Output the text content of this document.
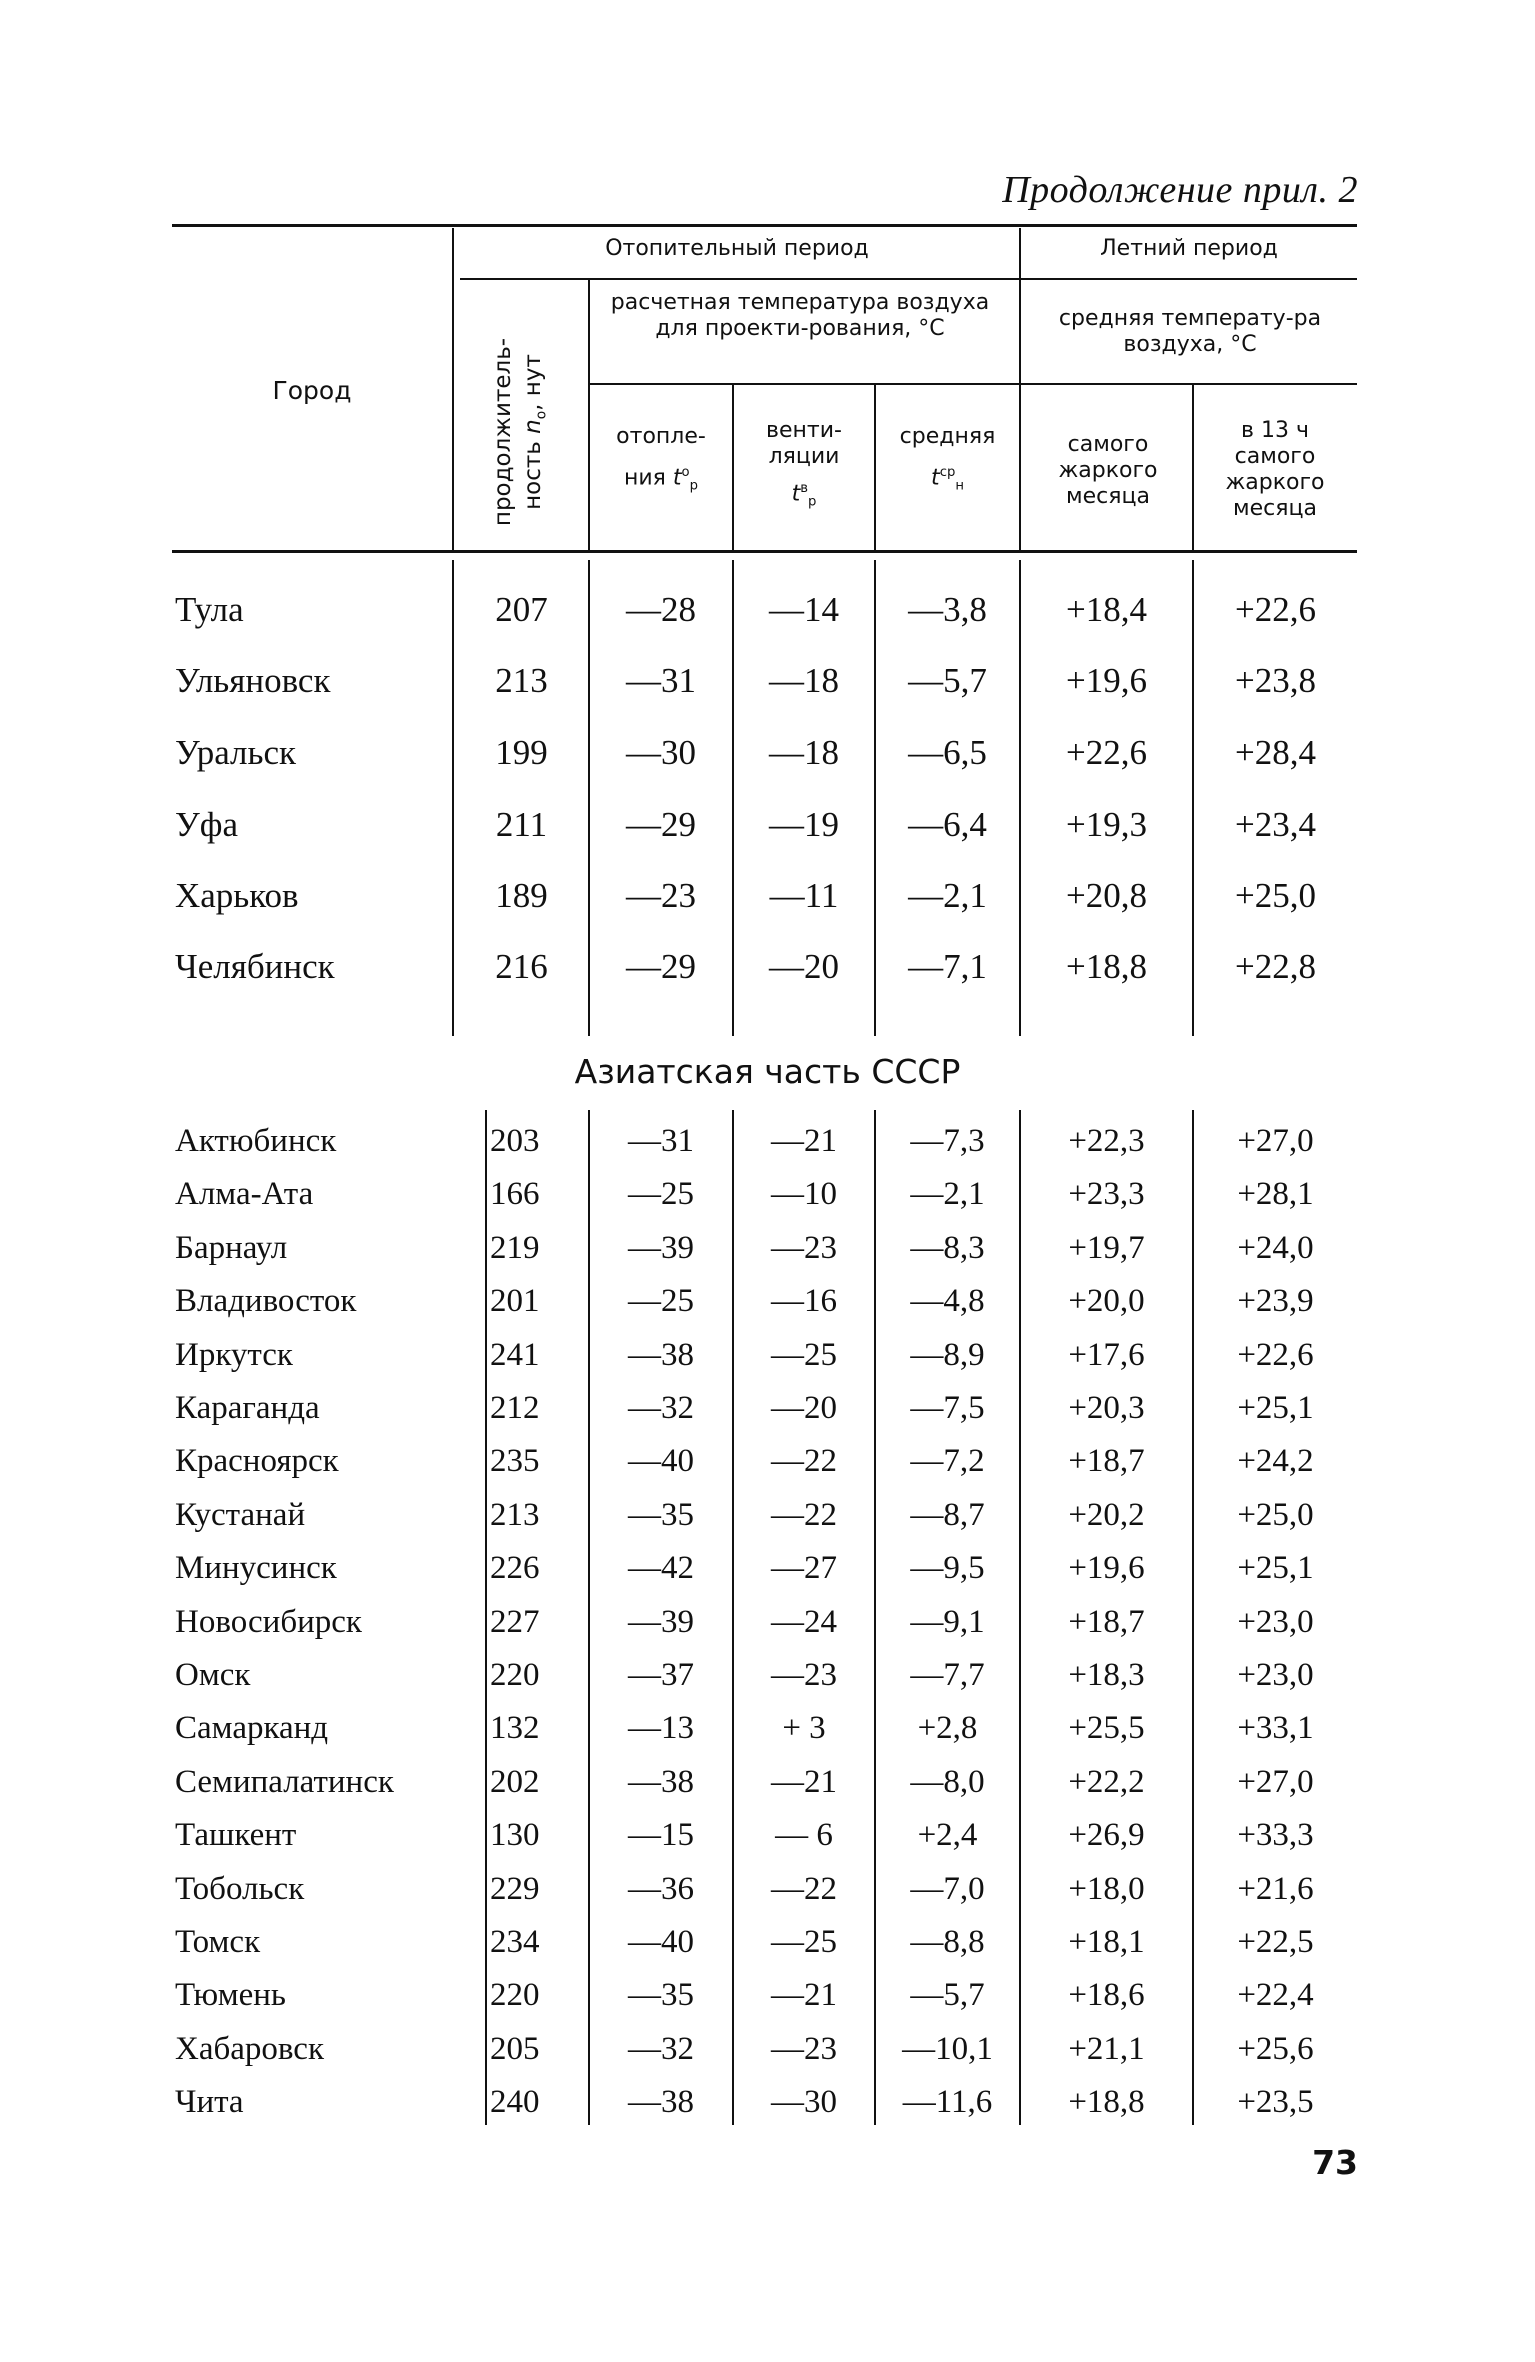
Продолжение прил. 2
Город
Отопительный период	Летний период
продолжитель- ность $n_o$, нут
расчетная температура воздуха для проекти-рования, °C	средняя температу-ра воздуха, °C
отопле-
ния $t^о_р$
венти-
ляции
$t^в_р$
средняя
$t^{ср}_н$
самого жаркого месяца
в 13 ч самого жаркого месяца
Тула	207	—28	—14	—3,8	+18,4	+22,6
Ульяновск	213	—31	—18	—5,7	+19,6	+23,8
Уральск	199	—30	—18	—6,5	+22,6	+28,4
Уфа	211	—29	—19	—6,4	+19,3	+23,4
Харьков	189	—23	—11	—2,1	+20,8	+25,0
Челябинск	216	—29	—20	—7,1	+18,8	+22,8
Азиатская часть СССР
Актюбинск	203	—31	—21	—7,3	+22,3	+27,0
Алма-Ата	166	—25	—10	—2,1	+23,3	+28,1
Барнаул	219	—39	—23	—8,3	+19,7	+24,0
Владивосток	201	—25	—16	—4,8	+20,0	+23,9
Иркутск	241	—38	—25	—8,9	+17,6	+22,6
Караганда	212	—32	—20	—7,5	+20,3	+25,1
Красноярск	235	—40	—22	—7,2	+18,7	+24,2
Кустанай	213	—35	—22	—8,7	+20,2	+25,0
Минусинск	226	—42	—27	—9,5	+19,6	+25,1
Новосибирск	227	—39	—24	—9,1	+18,7	+23,0
Омск	220	—37	—23	—7,7	+18,3	+23,0
Самарканд	132	—13	+ 3	+2,8	+25,5	+33,1
Семипалатинск	202	—38	—21	—8,0	+22,2	+27,0
Ташкент	130	—15	— 6	+2,4	+26,9	+33,3
Тобольск	229	—36	—22	—7,0	+18,0	+21,6
Томск	234	—40	—25	—8,8	+18,1	+22,5
Тюмень	220	—35	—21	—5,7	+18,6	+22,4
Хабаровск	205	—32	—23	—10,1	+21,1	+25,6
Чита	240	—38	—30	—11,6	+18,8	+23,5
73
